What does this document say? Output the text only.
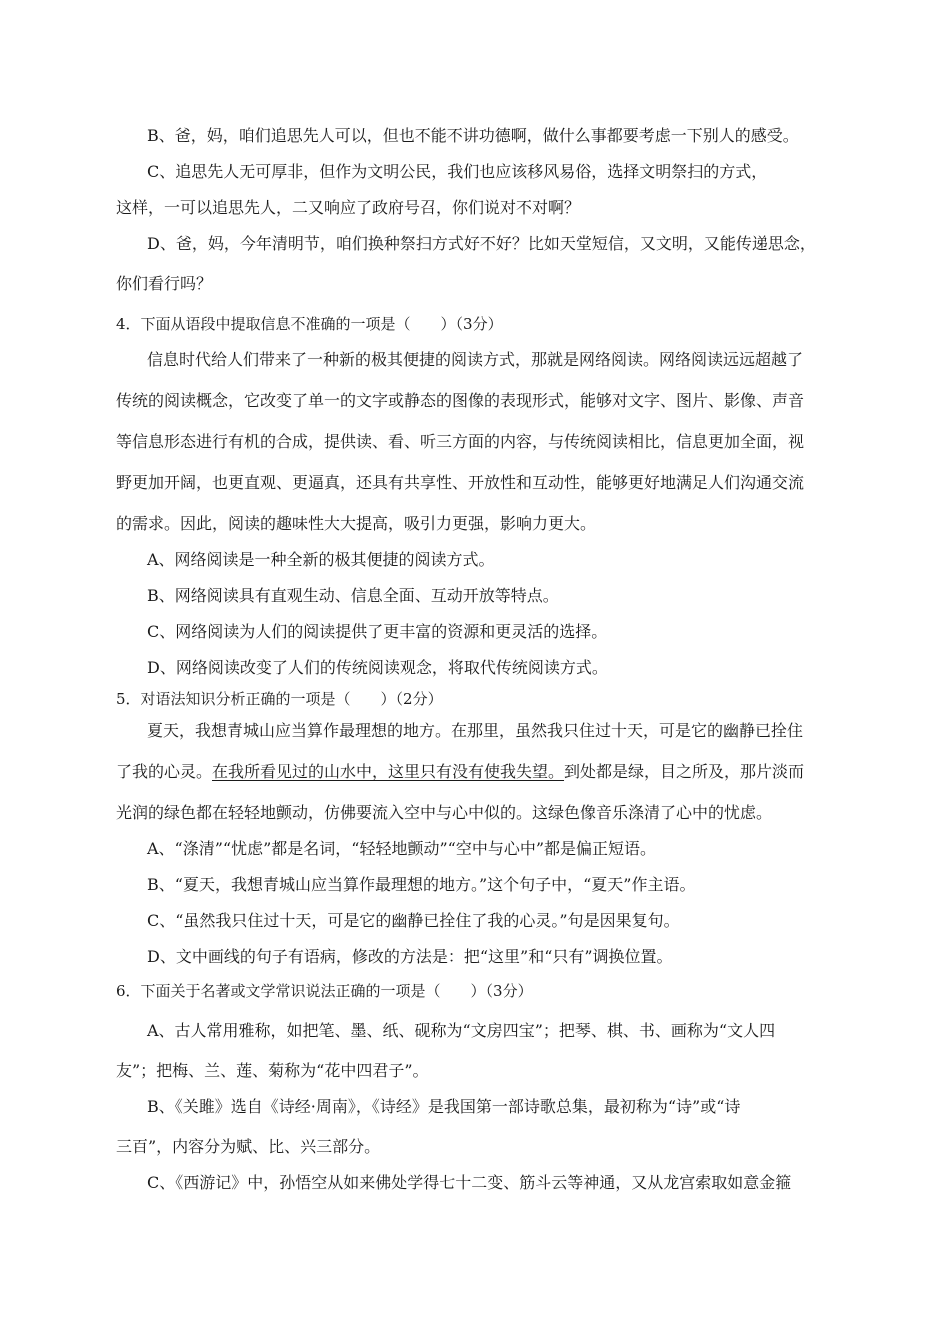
B、爸，妈，咱们追思先人可以，但也不能不讲功德啊，做什么事都要考虑一下别人的感受。
C、追思先人无可厚非，但作为文明公民，我们也应该移风易俗，选择文明祭扫的方式，
这样，一可以追思先人，二又响应了政府号召，你们说对不对啊？
D、爸，妈，今年清明节，咱们换种祭扫方式好不好？比如天堂短信，又文明，又能传递思念，
你们看行吗？
4．下面从语段中提取信息不准确的一项是（　　）（3分）
信息时代给人们带来了一种新的极其便捷的阅读方式，那就是网络阅读。网络阅读远远超越了
传统的阅读概念，它改变了单一的文字或静态的图像的表现形式，能够对文字、图片、影像、声音
等信息形态进行有机的合成，提供读、看、听三方面的内容，与传统阅读相比，信息更加全面，视
野更加开阔，也更直观、更逼真，还具有共享性、开放性和互动性，能够更好地满足人们沟通交流
的需求。因此，阅读的趣味性大大提高，吸引力更强，影响力更大。
A、网络阅读是一种全新的极其便捷的阅读方式。
B、网络阅读具有直观生动、信息全面、互动开放等特点。
C、网络阅读为人们的阅读提供了更丰富的资源和更灵活的选择。
D、网络阅读改变了人们的传统阅读观念，将取代传统阅读方式。
5．对语法知识分析正确的一项是（　　）（2分）
夏天，我想青城山应当算作最理想的地方。在那里，虽然我只住过十天，可是它的幽静已拴住
了我的心灵。在我所看见过的山水中，这里只有没有使我失望。到处都是绿，目之所及，那片淡而
光润的绿色都在轻轻地颤动，仿佛要流入空中与心中似的。这绿色像音乐涤清了心中的忧虑。
A、“涤清”“忧虑”都是名词，“轻轻地颤动”“空中与心中”都是偏正短语。
B、“夏天，我想青城山应当算作最理想的地方。”这个句子中，“夏天”作主语。
C、“虽然我只住过十天，可是它的幽静已拴住了我的心灵。”句是因果复句。
D、文中画线的句子有语病，修改的方法是：把“这里”和“只有”调换位置。
6．下面关于名著或文学常识说法正确的一项是（　　）（3分）
A、古人常用雅称，如把笔、墨、纸、砚称为“文房四宝”；把琴、棋、书、画称为“文人四
友”；把梅、兰、莲、菊称为“花中四君子”。
B、《关雎》选自《诗经·周南》，《诗经》是我国第一部诗歌总集，最初称为“诗”或“诗
三百”，内容分为赋、比、兴三部分。
C、《西游记》中，孙悟空从如来佛处学得七十二变、筋斗云等神通，又从龙宫索取如意金箍
